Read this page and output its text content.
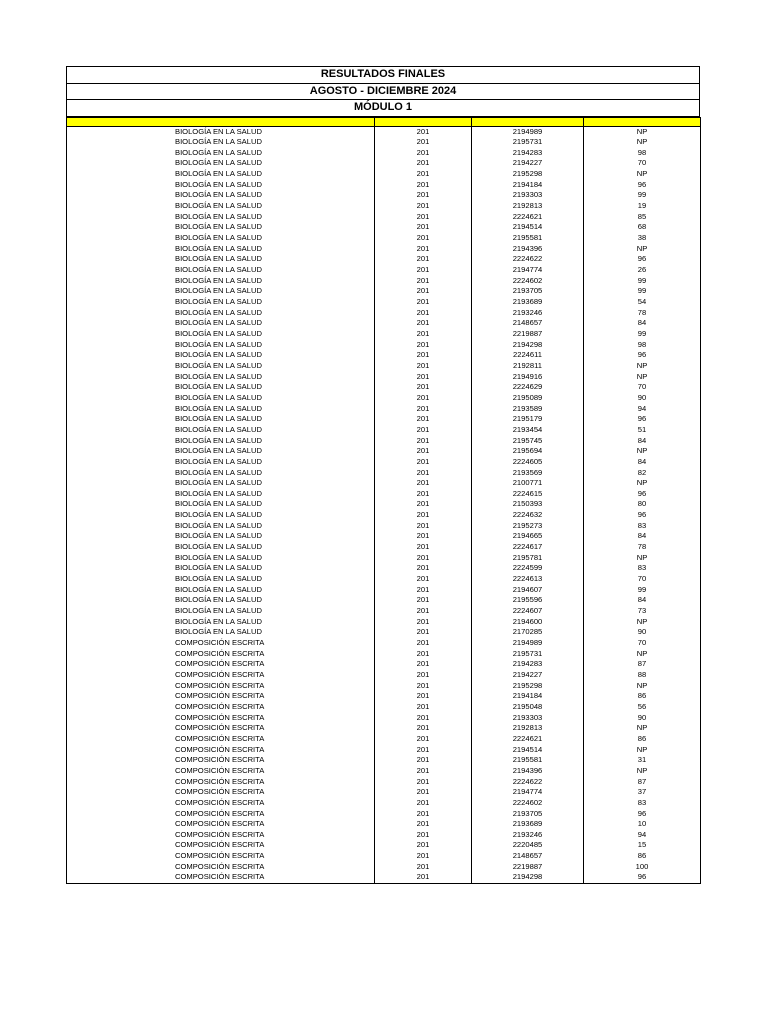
RESULTADOS FINALES
AGOSTO - DICIEMBRE 2024
MÓDULO 1

BIOLOGÍA EN LA SALUD	201	2194989	NP
BIOLOGÍA EN LA SALUD	201	2195731	NP
BIOLOGÍA EN LA SALUD	201	2194283	98
BIOLOGÍA EN LA SALUD	201	2194227	70
BIOLOGÍA EN LA SALUD	201	2195298	NP
BIOLOGÍA EN LA SALUD	201	2194184	96
BIOLOGÍA EN LA SALUD	201	2193303	99
BIOLOGÍA EN LA SALUD	201	2192813	19
BIOLOGÍA EN LA SALUD	201	2224621	85
BIOLOGÍA EN LA SALUD	201	2194514	68
BIOLOGÍA EN LA SALUD	201	2195581	38
BIOLOGÍA EN LA SALUD	201	2194396	NP
BIOLOGÍA EN LA SALUD	201	2224622	96
BIOLOGÍA EN LA SALUD	201	2194774	26
BIOLOGÍA EN LA SALUD	201	2224602	99
BIOLOGÍA EN LA SALUD	201	2193705	99
BIOLOGÍA EN LA SALUD	201	2193689	54
BIOLOGÍA EN LA SALUD	201	2193246	78
BIOLOGÍA EN LA SALUD	201	2148657	84
BIOLOGÍA EN LA SALUD	201	2219887	99
BIOLOGÍA EN LA SALUD	201	2194298	98
BIOLOGÍA EN LA SALUD	201	2224611	96
BIOLOGÍA EN LA SALUD	201	2192811	NP
BIOLOGÍA EN LA SALUD	201	2194916	NP
BIOLOGÍA EN LA SALUD	201	2224629	70
BIOLOGÍA EN LA SALUD	201	2195089	90
BIOLOGÍA EN LA SALUD	201	2193589	94
BIOLOGÍA EN LA SALUD	201	2195179	96
BIOLOGÍA EN LA SALUD	201	2193454	51
BIOLOGÍA EN LA SALUD	201	2195745	84
BIOLOGÍA EN LA SALUD	201	2195694	NP
BIOLOGÍA EN LA SALUD	201	2224605	84
BIOLOGÍA EN LA SALUD	201	2193569	82
BIOLOGÍA EN LA SALUD	201	2100771	NP
BIOLOGÍA EN LA SALUD	201	2224615	96
BIOLOGÍA EN LA SALUD	201	2150393	80
BIOLOGÍA EN LA SALUD	201	2224632	96
BIOLOGÍA EN LA SALUD	201	2195273	83
BIOLOGÍA EN LA SALUD	201	2194665	84
BIOLOGÍA EN LA SALUD	201	2224617	78
BIOLOGÍA EN LA SALUD	201	2195781	NP
BIOLOGÍA EN LA SALUD	201	2224599	83
BIOLOGÍA EN LA SALUD	201	2224613	70
BIOLOGÍA EN LA SALUD	201	2194607	99
BIOLOGÍA EN LA SALUD	201	2195596	84
BIOLOGÍA EN LA SALUD	201	2224607	73
BIOLOGÍA EN LA SALUD	201	2194600	NP
BIOLOGÍA EN LA SALUD	201	2170285	90
COMPOSICIÓN ESCRITA	201	2194989	70
COMPOSICIÓN ESCRITA	201	2195731	NP
COMPOSICIÓN ESCRITA	201	2194283	87
COMPOSICIÓN ESCRITA	201	2194227	88
COMPOSICIÓN ESCRITA	201	2195298	NP
COMPOSICIÓN ESCRITA	201	2194184	86
COMPOSICIÓN ESCRITA	201	2195048	56
COMPOSICIÓN ESCRITA	201	2193303	90
COMPOSICIÓN ESCRITA	201	2192813	NP
COMPOSICIÓN ESCRITA	201	2224621	86
COMPOSICIÓN ESCRITA	201	2194514	NP
COMPOSICIÓN ESCRITA	201	2195581	31
COMPOSICIÓN ESCRITA	201	2194396	NP
COMPOSICIÓN ESCRITA	201	2224622	87
COMPOSICIÓN ESCRITA	201	2194774	37
COMPOSICIÓN ESCRITA	201	2224602	83
COMPOSICIÓN ESCRITA	201	2193705	96
COMPOSICIÓN ESCRITA	201	2193689	10
COMPOSICIÓN ESCRITA	201	2193246	94
COMPOSICIÓN ESCRITA	201	2220485	15
COMPOSICIÓN ESCRITA	201	2148657	86
COMPOSICIÓN ESCRITA	201	2219887	100
COMPOSICIÓN ESCRITA	201	2194298	96
